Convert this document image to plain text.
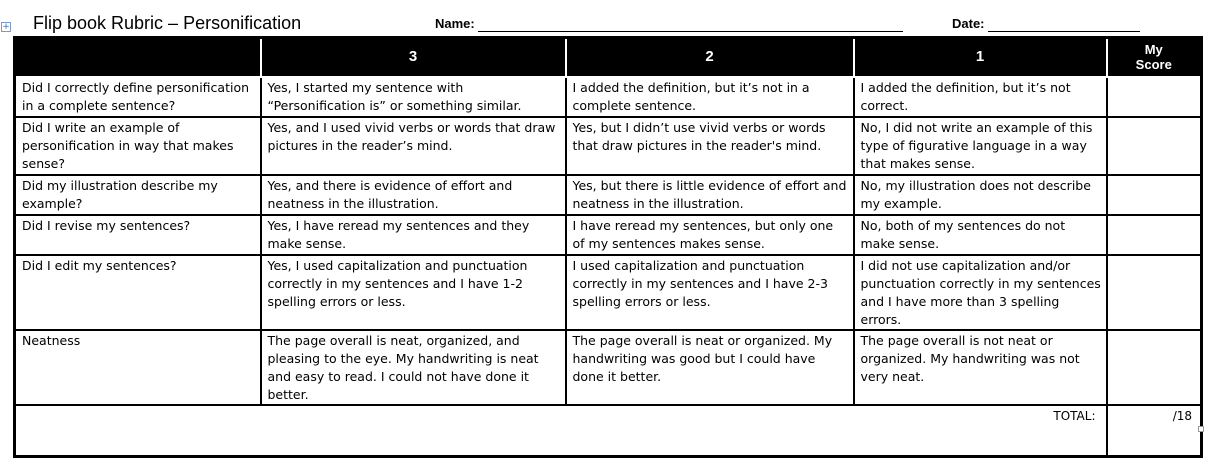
+ Flip book Rubric – Personification	Name:	Date:
	3	2	1	My Score
Did I correctly define personification in a complete sentence?	Yes, I started my sentence with “Personification is” or something similar.	I added the definition, but it’s not in a complete sentence.	I added the definition, but it’s not correct.	
Did I write an example of personification in way that makes sense?	Yes, and I used vivid verbs or words that draw pictures in the reader’s mind.	Yes, but I didn’t use vivid verbs or words that draw pictures in the reader's mind.	No, I did not write an example of this type of figurative language in a way that makes sense.	
Did my illustration describe my example?	Yes, and there is evidence of effort and neatness in the illustration.	Yes, but there is little evidence of effort and neatness in the illustration.	No, my illustration does not describe my example.	
Did I revise my sentences?	Yes, I have reread my sentences and they make sense.	I have reread my sentences, but only one of my sentences makes sense.	No, both of my sentences do not make sense.	
Did I edit my sentences?	Yes, I used capitalization and punctuation correctly in my sentences and I have 1-2 spelling errors or less.	I used capitalization and punctuation correctly in my sentences and I have 2-3 spelling errors or less.	I did not use capitalization and/or punctuation correctly in my sentences and I have more than 3 spelling errors.	
Neatness	The page overall is neat, organized, and pleasing to the eye. My handwriting is neat and easy to read. I could not have done it better.	The page overall is neat or organized. My handwriting was good but I could have done it better.	The page overall is not neat or organized. My handwriting was not very neat.	
TOTAL:				/18
